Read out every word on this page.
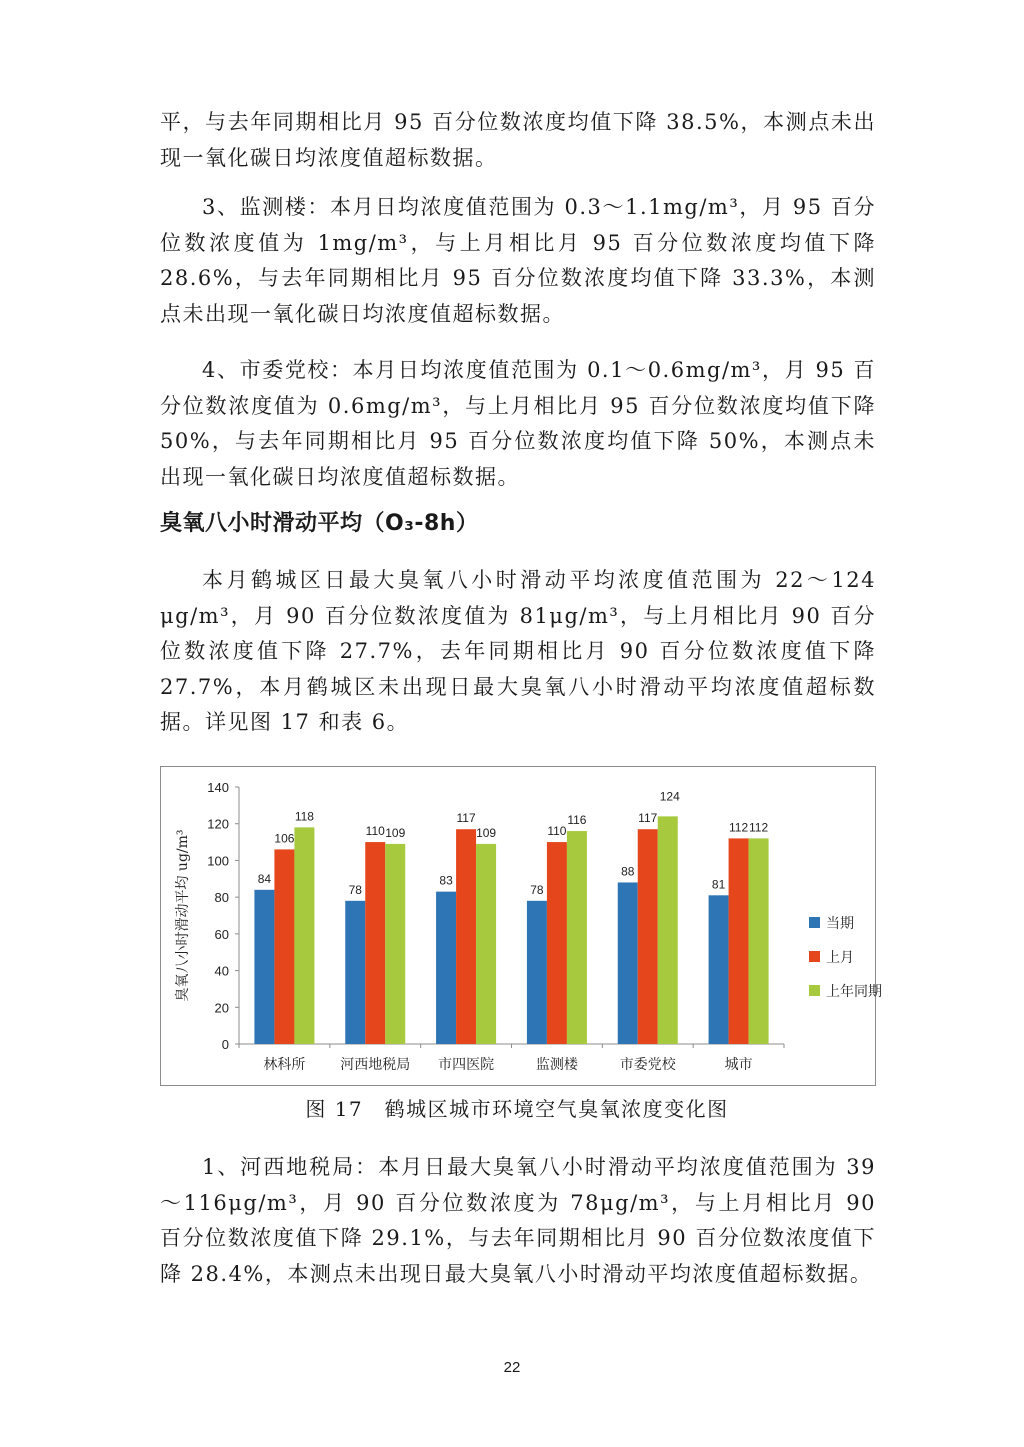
平，与去年同期相比月 95 百分位数浓度均值下降 38.5%，本测点未出现一氧化碳日均浓度值超标数据。

3、监测楼：本月日均浓度值范围为 0.3～1.1mg/m³，月 95 百分位数浓度值为 1mg/m³，与上月相比月 95 百分位数浓度均值下降 28.6%，与去年同期相比月 95 百分位数浓度均值下降 33.3%，本测点未出现一氧化碳日均浓度值超标数据。

4、市委党校：本月日均浓度值范围为 0.1～0.6mg/m³，月 95 百分位数浓度值为 0.6mg/m³，与上月相比月 95 百分位数浓度均值下降 50%，与去年同期相比月 95 百分位数浓度均值下降 50%，本测点未出现一氧化碳日均浓度值超标数据。

臭氧八小时滑动平均（O₃-8h）

本月鹤城区日最大臭氧八小时滑动平均浓度值范围为 22～124 μg/m³，月 90 百分位数浓度值为 81μg/m³，与上月相比月 90 百分位数浓度值下降 27.7%，去年同期相比月 90 百分位数浓度值下降 27.7%，本月鹤城区未出现日最大臭氧八小时滑动平均浓度值超标数据。详见图 17 和表 6。

0
20
40
60
80
100
120
140
臭氧八小时滑动平均 ug/m³	84
106
118
林科所
78
110 109
河西地税局
83
117
109
市四医院
78
110
116
监测楼
88
117
124
市委党校
81
112 112
城市
当期
上月
上年同期

图 17　鹤城区城市环境空气臭氧浓度变化图

1、河西地税局：本月日最大臭氧八小时滑动平均浓度值范围为 39～116μg/m³，月 90 百分位数浓度为 78μg/m³，与上月相比月 90 百分位数浓度值下降 29.1%，与去年同期相比月 90 百分位数浓度值下降 28.4%，本测点未出现日最大臭氧八小时滑动平均浓度值超标数据。

22
